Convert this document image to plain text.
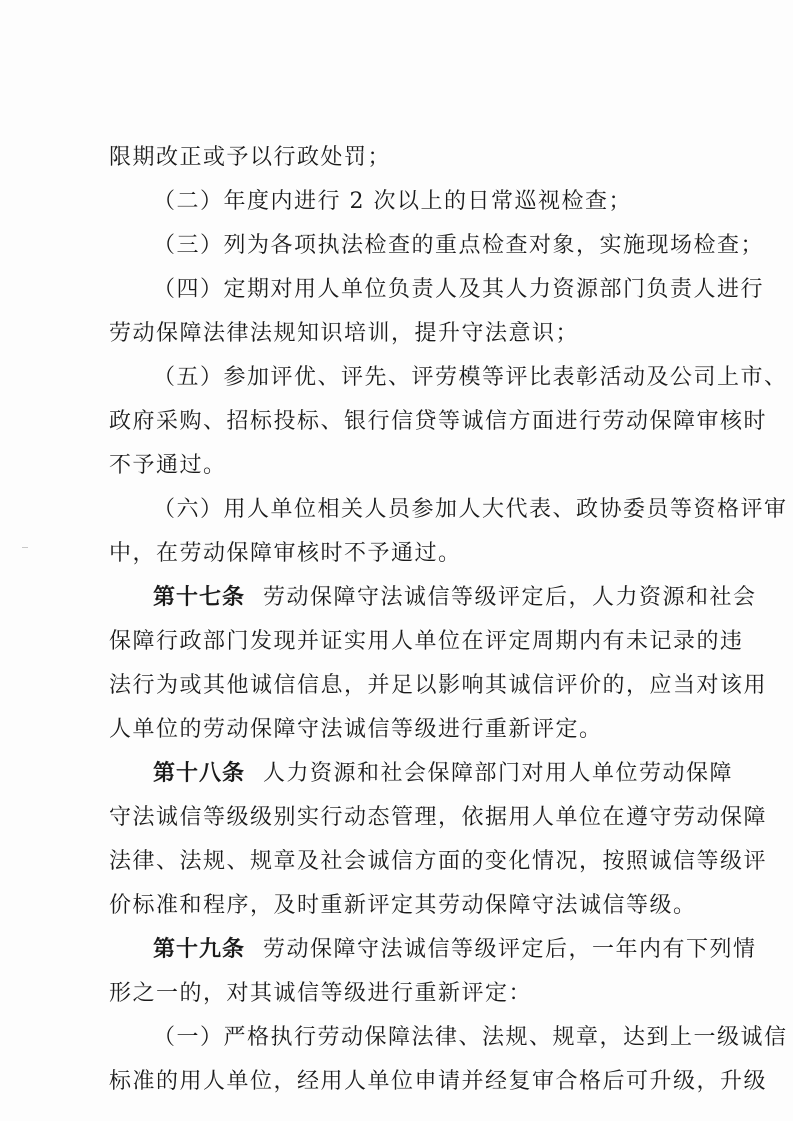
限期改正或予以行政处罚；
（二）年度内进行 2 次以上的日常巡视检查；
（三）列为各项执法检查的重点检查对象，实施现场检查；
（四）定期对用人单位负责人及其人力资源部门负责人进行
劳动保障法律法规知识培训，提升守法意识；
（五）参加评优、评先、评劳模等评比表彰活动及公司上市、
政府采购、招标投标、银行信贷等诚信方面进行劳动保障审核时
不予通过。
（六）用人单位相关人员参加人大代表、政协委员等资格评审
中，在劳动保障审核时不予通过。
第十七条 劳动保障守法诚信等级评定后，人力资源和社会
保障行政部门发现并证实用人单位在评定周期内有未记录的违
法行为或其他诚信信息，并足以影响其诚信评价的，应当对该用
人单位的劳动保障守法诚信等级进行重新评定。
第十八条 人力资源和社会保障部门对用人单位劳动保障
守法诚信等级级别实行动态管理，依据用人单位在遵守劳动保障
法律、法规、规章及社会诚信方面的变化情况，按照诚信等级评
价标准和程序，及时重新评定其劳动保障守法诚信等级。
第十九条 劳动保障守法诚信等级评定后，一年内有下列情
形之一的，对其诚信等级进行重新评定：
（一）严格执行劳动保障法律、法规、规章，达到上一级诚信
标准的用人单位，经用人单位申请并经复审合格后可升级，升级
